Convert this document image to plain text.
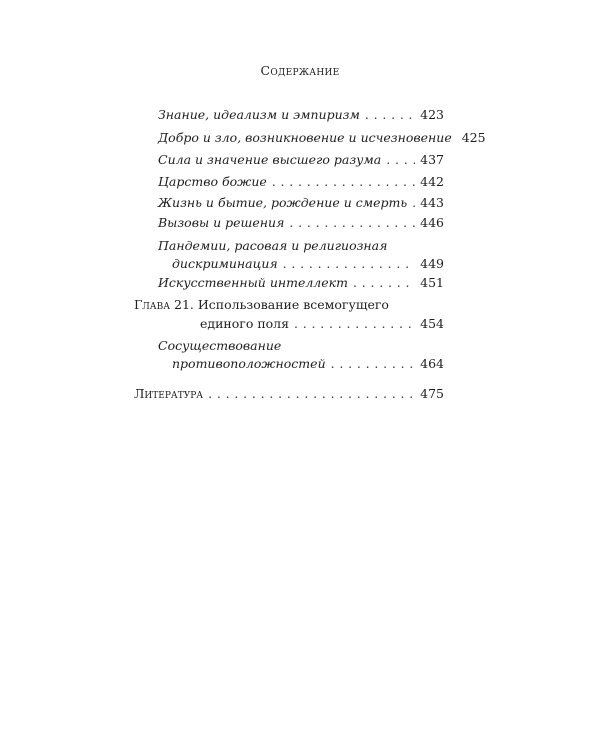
Содержание
Знание, идеализм и эмпиризм . . .	423
Добро и зло, возникновение и исчезновение 425
Сила и значение высшего разума . . .	437
Царство божие . . .	442
Жизнь и бытие, рождение и смерть . . . 443
Вызовы и решения . . .	446
Пандемии, расовая и религиозная
дискриминация . . .	449
Искусственный интеллект . . .	451
Глава 21. Использование всемогущего
единого поля . . .	454
Сосуществование
противоположностей . . .	464
Литература . . .	475
